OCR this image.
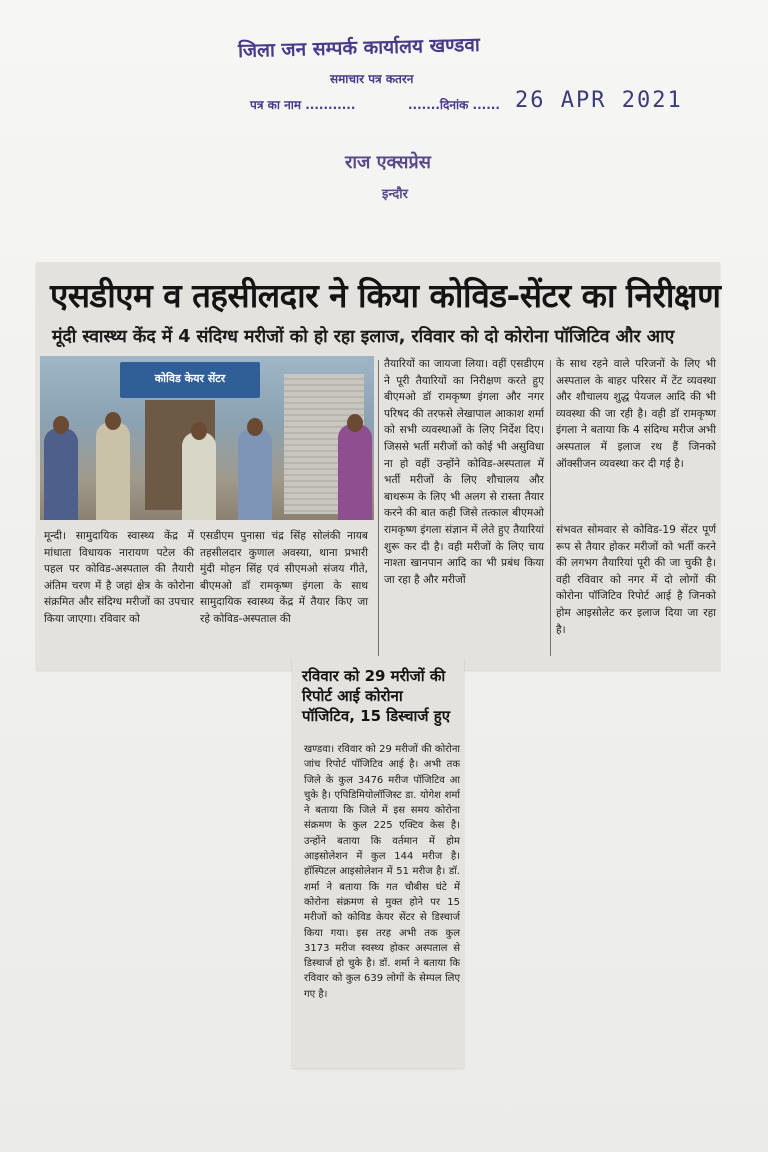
जिला जन सम्पर्क कार्यालय खण्डवा
समाचार पत्र कतरन
पत्र का नाम ...........	.......दिनांक ...... 26 APR 2021
राज एक्सप्रेस
इन्दौर
एसडीएम व तहसीलदार ने किया कोविड-सेंटर का निरीक्षण
मूंदी स्वास्थ्य केंद में 4 संदिग्ध मरीजों को हो रहा इलाज, रविवार को दो कोरोना पॉजिटिव और आए
कोविड केयर सेंटर
मून्दी। सामुदायिक स्वास्थ्य केंद्र में मांधाता विधायक नारायण पटेल की पहल पर कोविड-अस्पताल की तैयारी अंतिम चरण में है जहां क्षेत्र के कोरोना संक्रमित और संदिग्ध मरीजों का उपचार किया जाएगा। रविवार को
एसडीएम पुनासा चंद्र सिंह सोलंकी नायब तहसीलदार कुणाल अवस्या, थाना प्रभारी मुंदी मोहन सिंह एवं सीएमओ संजय गीते, बीएमओ डॉ रामकृष्ण इंगला के साथ सामुदायिक स्वास्थ्य केंद्र में तैयार किए जा रहे कोविड-अस्पताल की
तैयारियों का जायजा लिया। वहीं एसडीएम ने पूरी तैयारियों का निरीक्षण करते हुए बीएमओ डॉ रामकृष्ण इंगला और नगर परिषद की तरफसे लेखापाल आकाश शर्मा को सभी व्यवस्थाओं के लिए निर्देश दिए। जिससे भर्ती मरीजों को कोई भी असुविधा ना हो वहीं उन्होंने कोविड-अस्पताल में भर्ती मरीजों के लिए शौचालय और बाथरूम के लिए भी अलग से रास्ता तैयार करने की बात कही जिसे तत्काल बीएमओ रामकृष्ण इंगला संज्ञान में लेते हुए तैयारियां शुरू कर दी है। वही मरीजों के लिए चाय नाश्ता खानपान आदि का भी प्रबंध किया जा रहा है और मरीजों
के साथ रहने वाले परिजनों के लिए भी अस्पताल के बाहर परिसर में टेंट व्यवस्था और शौचालय शुद्ध पेयजल आदि की भी व्यवस्था की जा रही है। वही डॉ रामकृष्ण इंगला ने बताया कि 4 संदिग्ध मरीज अभी अस्पताल में इलाज रथ हैं जिनको ऑक्सीजन व्यवस्था कर दी गई है।
संभवत सोमवार से कोविड-19 सेंटर पूर्ण रूप से तैयार होकर मरीजों को भर्ती करने की लगभग तैयारियां पूरी की जा चुकी है। वही रविवार को नगर में दो लोगों की कोरोना पॉजिटिव रिपोर्ट आई है जिनको होम आइसोलेट कर इलाज दिया जा रहा है।
रविवार को 29 मरीजों की रिपोर्ट आई कोरोना पॉजिटिव, 15 डिस्चार्ज हुए
खण्डवा। रविवार को 29 मरीजों की कोरोना जांच रिपोर्ट पॉजिटिव आई है। अभी तक जिले के कुल 3476 मरीज पॉजिटिव आ चुके है। एपिडिमियोलॉजिस्ट डा. योगेश शर्मा ने बताया कि जिले में इस समय कोरोना संक्रमण के कुल 225 एक्टिव केस है। उन्होंने बताया कि वर्तमान में होम आइसोलेशन में कुल 144 मरीज है। हॉस्पिटल आइसोलेशन में 51 मरीज है। डॉ. शर्मा ने बताया कि गत चौबीस घंटे में कोरोना संक्रमण से मुक्त होने पर 15 मरीजों को कोविड केयर सेंटर से डिस्चार्ज किया गया। इस तरह अभी तक कुल 3173 मरीज स्वस्थ्य होकर अस्पताल से डिस्चार्ज हो चुके है। डॉ. शर्मा ने बताया कि रविवार को कुल 639 लोगों के सेम्पल लिए गए है।
